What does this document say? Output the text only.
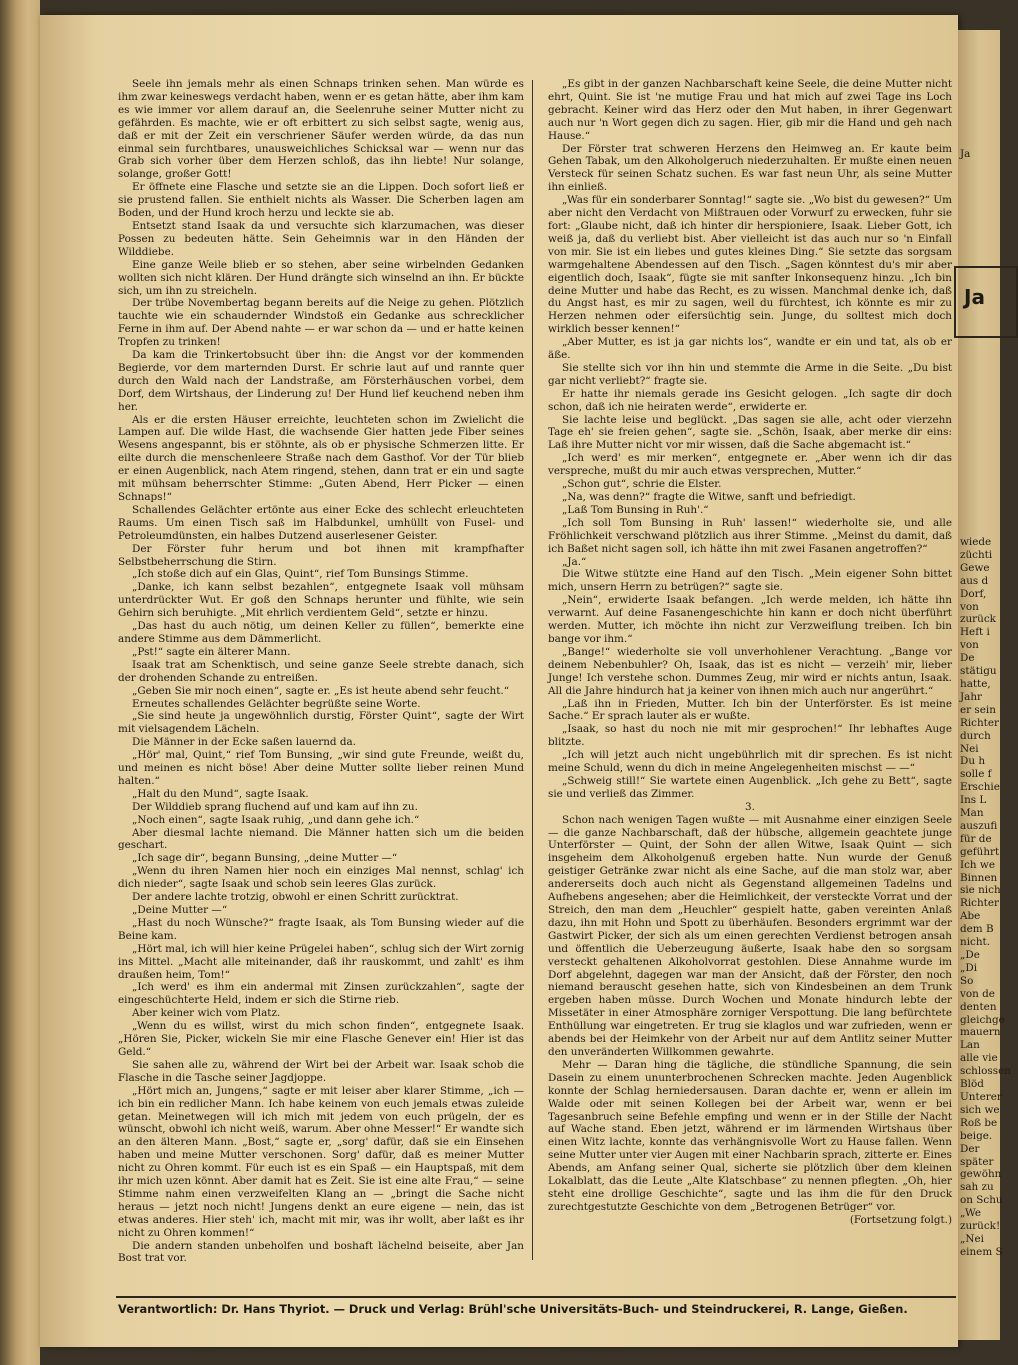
Seele ihn jemals mehr als einen Schnaps trinken sehen. Man würde es ihm zwar keineswegs verdacht haben, wenn er es getan hätte, aber ihm kam es wie immer vor allem darauf an, die Seelenruhe seiner Mutter nicht zu gefährden. Es machte, wie er oft erbittert zu sich selbst sagte, wenig aus, daß er mit der Zeit ein verschriener Säufer werden würde, da das nun einmal sein furchtbares, unausweichliches Schicksal war — wenn nur das Grab sich vorher über dem Herzen schloß, das ihn liebte! Nur solange, solange, großer Gott!

Er öffnete eine Flasche und setzte sie an die Lippen. Doch sofort ließ er sie prustend fallen. Sie enthielt nichts als Wasser. Die Scherben lagen am Boden, und der Hund kroch herzu und leckte sie ab.

Entsetzt stand Isaak da und versuchte sich klarzumachen, was dieser Possen zu bedeuten hätte. Sein Geheimnis war in den Händen der Wilddiebe.

Eine ganze Weile blieb er so stehen, aber seine wirbelnden Gedanken wollten sich nicht klären. Der Hund drängte sich winselnd an ihn. Er bückte sich, um ihn zu streicheln.

Der trübe Novembertag begann bereits auf die Neige zu gehen. Plötzlich tauchte wie ein schaudernder Windstoß ein Gedanke aus schrecklicher Ferne in ihm auf. Der Abend nahte — er war schon da — und er hatte keinen Tropfen zu trinken!

Da kam die Trinkertobsucht über ihn: die Angst vor der kommenden Begierde, vor dem marternden Durst. Er schrie laut auf und rannte quer durch den Wald nach der Landstraße, am Försterhäuschen vorbei, dem Dorf, dem Wirtshaus, der Linderung zu! Der Hund lief keuchend neben ihm her.

Als er die ersten Häuser erreichte, leuchteten schon im Zwielicht die Lampen auf. Die wilde Hast, die wachsende Gier hatten jede Fiber seines Wesens angespannt, bis er stöhnte, als ob er physische Schmerzen litte. Er eilte durch die menschenleere Straße nach dem Gasthof. Vor der Tür blieb er einen Augenblick, nach Atem ringend, stehen, dann trat er ein und sagte mit mühsam beherrschter Stimme: „Guten Abend, Herr Picker — einen Schnaps!“

Schallendes Gelächter ertönte aus einer Ecke des schlecht erleuchteten Raums. Um einen Tisch saß im Halbdunkel, umhüllt von Fusel- und Petroleumdünsten, ein halbes Dutzend auserlesener Geister.

Der Förster fuhr herum und bot ihnen mit krampfhafter Selbstbeherrschung die Stirn.

„Ich stoße dich auf ein Glas, Quint“, rief Tom Bunsings Stimme.

„Danke, ich kann selbst bezahlen“, entgegnete Isaak voll mühsam unterdrückter Wut. Er goß den Schnaps herunter und fühlte, wie sein Gehirn sich beruhigte. „Mit ehrlich verdientem Geld“, setzte er hinzu.

„Das hast du auch nötig, um deinen Keller zu füllen“, bemerkte eine andere Stimme aus dem Dämmerlicht.

„Pst!“ sagte ein älterer Mann.

Isaak trat am Schenktisch, und seine ganze Seele strebte danach, sich der drohenden Schande zu entreißen.

„Geben Sie mir noch einen“, sagte er. „Es ist heute abend sehr feucht.“

Erneutes schallendes Gelächter begrüßte seine Worte.

„Sie sind heute ja ungewöhnlich durstig, Förster Quint“, sagte der Wirt mit vielsagendem Lächeln.

Die Männer in der Ecke saßen lauernd da.

„Hör' mal, Quint,“ rief Tom Bunsing, „wir sind gute Freunde, weißt du, und meinen es nicht böse! Aber deine Mutter sollte lieber reinen Mund halten.“

„Halt du den Mund“, sagte Isaak.

Der Wilddieb sprang fluchend auf und kam auf ihn zu.

„Noch einen“, sagte Isaak ruhig, „und dann gehe ich.“

Aber diesmal lachte niemand. Die Männer hatten sich um die beiden geschart.

„Ich sage dir“, begann Bunsing, „deine Mutter —“

„Wenn du ihren Namen hier noch ein einziges Mal nennst, schlag' ich dich nieder“, sagte Isaak und schob sein leeres Glas zurück.

Der andere lachte trotzig, obwohl er einen Schritt zurücktrat.

„Deine Mutter —“

„Hast du noch Wünsche?“ fragte Isaak, als Tom Bunsing wieder auf die Beine kam.

„Hört mal, ich will hier keine Prügelei haben“, schlug sich der Wirt zornig ins Mittel. „Macht alle miteinander, daß ihr rauskommt, und zahlt' es ihm draußen heim, Tom!“

„Ich werd' es ihm ein andermal mit Zinsen zurückzahlen“, sagte der eingeschüchterte Held, indem er sich die Stirne rieb.

Aber keiner wich vom Platz.

„Wenn du es willst, wirst du mich schon finden“, entgegnete Isaak. „Hören Sie, Picker, wickeln Sie mir eine Flasche Genever ein! Hier ist das Geld.“

Sie sahen alle zu, während der Wirt bei der Arbeit war. Isaak schob die Flasche in die Tasche seiner Jagdjoppe.

„Hört mich an, Jungens,“ sagte er mit leiser aber klarer Stimme, „ich — ich bin ein redlicher Mann. Ich habe keinem von euch jemals etwas zuleide getan. Meinetwegen will ich mich mit jedem von euch prügeln, der es wünscht, obwohl ich nicht weiß, warum. Aber ohne Messer!“ Er wandte sich an den älteren Mann. „Bost,“ sagte er, „sorg' dafür, daß sie ein Einsehen haben und meine Mutter verschonen. Sorg' dafür, daß es meiner Mutter nicht zu Ohren kommt. Für euch ist es ein Spaß — ein Hauptspaß, mit dem ihr mich uzen könnt. Aber damit hat es Zeit. Sie ist eine alte Frau,“ — seine Stimme nahm einen verzweifelten Klang an — „bringt die Sache nicht heraus — jetzt noch nicht! Jungens denkt an eure eigene — nein, das ist etwas anderes. Hier steh' ich, macht mit mir, was ihr wollt, aber laßt es ihr nicht zu Ohren kommen!“

Die andern standen unbeholfen und boshaft lächelnd beiseite, aber Jan Bost trat vor.

„Es gibt in der ganzen Nachbarschaft keine Seele, die deine Mutter nicht ehrt, Quint. Sie ist 'ne mutige Frau und hat mich auf zwei Tage ins Loch gebracht. Keiner wird das Herz oder den Mut haben, in ihrer Gegenwart auch nur 'n Wort gegen dich zu sagen. Hier, gib mir die Hand und geh nach Hause.“

Der Förster trat schweren Herzens den Heimweg an. Er kaute beim Gehen Tabak, um den Alkoholgeruch niederzuhalten. Er mußte einen neuen Versteck für seinen Schatz suchen. Es war fast neun Uhr, als seine Mutter ihn einließ.

„Was für ein sonderbarer Sonntag!“ sagte sie. „Wo bist du gewesen?“ Um aber nicht den Verdacht von Mißtrauen oder Vorwurf zu erwecken, fuhr sie fort: „Glaube nicht, daß ich hinter dir herspioniere, Isaak. Lieber Gott, ich weiß ja, daß du verliebt bist. Aber vielleicht ist das auch nur so 'n Einfall von mir. Sie ist ein liebes und gutes kleines Ding.“ Sie setzte das sorgsam warmgehaltene Abendessen auf den Tisch. „Sagen könntest du's mir aber eigentlich doch, Isaak“, fügte sie mit sanfter Inkonsequenz hinzu. „Ich bin deine Mutter und habe das Recht, es zu wissen. Manchmal denke ich, daß du Angst hast, es mir zu sagen, weil du fürchtest, ich könnte es mir zu Herzen nehmen oder eifersüchtig sein. Junge, du solltest mich doch wirklich besser kennen!“

„Aber Mutter, es ist ja gar nichts los“, wandte er ein und tat, als ob er äße.

Sie stellte sich vor ihn hin und stemmte die Arme in die Seite. „Du bist gar nicht verliebt?“ fragte sie.

Er hatte ihr niemals gerade ins Gesicht gelogen. „Ich sagte dir doch schon, daß ich nie heiraten werde“, erwiderte er.

Sie lachte leise und beglückt. „Das sagen sie alle, acht oder vierzehn Tage eh' sie freien gehen“, sagte sie. „Schön, Isaak, aber merke dir eins: Laß ihre Mutter nicht vor mir wissen, daß die Sache abgemacht ist.“

„Ich werd' es mir merken“, entgegnete er. „Aber wenn ich dir das verspreche, mußt du mir auch etwas versprechen, Mutter.“

„Schon gut“, schrie die Elster.

„Na, was denn?“ fragte die Witwe, sanft und befriedigt.

„Laß Tom Bunsing in Ruh'.“

„Ich soll Tom Bunsing in Ruh' lassen!“ wiederholte sie, und alle Fröhlichkeit verschwand plötzlich aus ihrer Stimme. „Meinst du damit, daß ich Baßet nicht sagen soll, ich hätte ihn mit zwei Fasanen angetroffen?“

„Ja.“

Die Witwe stützte eine Hand auf den Tisch. „Mein eigener Sohn bittet mich, unsern Herrn zu betrügen?“ sagte sie.

„Nein“, erwiderte Isaak befangen. „Ich werde melden, ich hätte ihn verwarnt. Auf deine Fasanengeschichte hin kann er doch nicht überführt werden. Mutter, ich möchte ihn nicht zur Verzweiflung treiben. Ich bin bange vor ihm.“

„Bange!“ wiederholte sie voll unverhohlener Verachtung. „Bange vor deinem Nebenbuhler? Oh, Isaak, das ist es nicht — verzeih' mir, lieber Junge! Ich verstehe schon. Dummes Zeug, mir wird er nichts antun, Isaak. All die Jahre hindurch hat ja keiner von ihnen mich auch nur angerührt.“

„Laß ihn in Frieden, Mutter. Ich bin der Unterförster. Es ist meine Sache.“ Er sprach lauter als er wußte.

„Isaak, so hast du noch nie mit mir gesprochen!“ Ihr lebhaftes Auge blitzte.

„Ich will jetzt auch nicht ungebührlich mit dir sprechen. Es ist nicht meine Schuld, wenn du dich in meine Angelegenheiten mischst — —“

„Schweig still!“ Sie wartete einen Augenblick. „Ich gehe zu Bett“, sagte sie und verließ das Zimmer.

3.

Schon nach wenigen Tagen wußte — mit Ausnahme einer einzigen Seele — die ganze Nachbarschaft, daß der hübsche, allgemein geachtete junge Unterförster — Quint, der Sohn der allen Witwe, Isaak Quint — sich insgeheim dem Alkoholgenuß ergeben hatte. Nun wurde der Genuß geistiger Getränke zwar nicht als eine Sache, auf die man stolz war, aber andererseits doch auch nicht als Gegenstand allgemeinen Tadelns und Aufhebens angesehen; aber die Heimlichkeit, der versteckte Vorrat und der Streich, den man dem „Heuchler“ gespielt hatte, gaben vereinten Anlaß dazu, ihn mit Hohn und Spott zu überhäufen. Besonders ergrimmt war der Gastwirt Picker, der sich als um einen gerechten Verdienst betrogen ansah und öffentlich die Ueberzeugung äußerte, Isaak habe den so sorgsam versteckt gehaltenen Alkoholvorrat gestohlen. Diese Annahme wurde im Dorf abgelehnt, dagegen war man der Ansicht, daß der Förster, den noch niemand berauscht gesehen hatte, sich von Kindesbeinen an dem Trunk ergeben haben müsse. Durch Wochen und Monate hindurch lebte der Missetäter in einer Atmosphäre zorniger Verspottung. Die lang befürchtete Enthüllung war eingetreten. Er trug sie klaglos und war zufrieden, wenn er abends bei der Heimkehr von der Arbeit nur auf dem Antlitz seiner Mutter den unveränderten Willkommen gewahrte.

Mehr — Daran hing die tägliche, die stündliche Spannung, die sein Dasein zu einem ununterbrochenen Schrecken machte. Jeden Augenblick konnte der Schlag herniedersausen. Daran dachte er, wenn er allein im Walde oder mit seinen Kollegen bei der Arbeit war, wenn er bei Tagesanbruch seine Befehle empfing und wenn er in der Stille der Nacht auf Wache stand. Eben jetzt, während er im lärmenden Wirtshaus über einen Witz lachte, konnte das verhängnisvolle Wort zu Hause fallen. Wenn seine Mutter unter vier Augen mit einer Nachbarin sprach, zitterte er. Eines Abends, am Anfang seiner Qual, sicherte sie plötzlich über dem kleinen Lokalblatt, das die Leute „Alte Klatschbase“ zu nennen pflegten. „Oh, hier steht eine drollige Geschichte“, sagte und las ihm die für den Druck zurechtgestutzte Geschichte von dem „Betrogenen Betrüger“ vor.

(Fortsetzung folgt.)

Verantwortlich: Dr. Hans Thyriot. — Druck und Verlag: Brühl'sche Universitäts-Buch- und Steindruckerei, R. Lange, Gießen.
Ja
Ja
wiede
züchti
Gewe
aus d
Dorf,
von
zurück
Heft i
von
De
stätigu
hatte,
Jahr
er sein
Richter
durch
Nei
Du h
solle f
Erschie
Ins L
Man
auszufi
für de
geführt
Ich we
Binnen
sie nich
Richter
Abe
dem B
nicht.
„De
„Di
So
von de
denten
gleichge
mauern
Lan
alle vie
schlossen
Blöd
Unterer
sich we
Roß be
beige.
Der
später
gewöhn
sah zu
on Schu
„We
zurück!
„Nei
einem S
